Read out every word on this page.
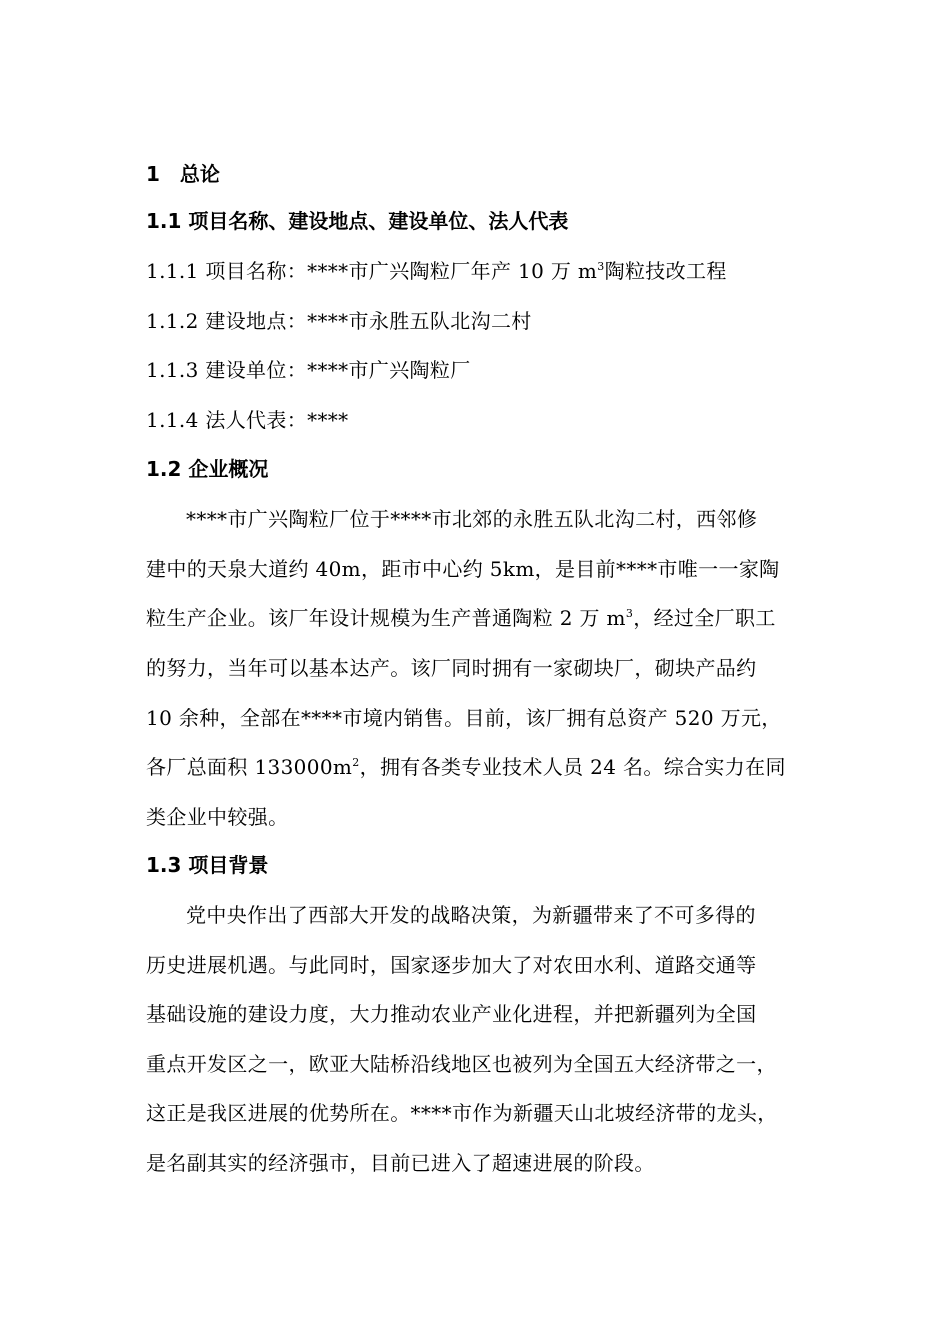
1　总论
1.1 项目名称、建设地点、建设单位、法人代表
1.1.1 项目名称：****市广兴陶粒厂年产 10 万 $m^3$陶粒技改工程
1.1.2 建设地点：****市永胜五队北沟二村
1.1.3 建设单位：****市广兴陶粒厂
1.1.4 法人代表：****
1.2 企业概况
****市广兴陶粒厂位于****市北郊的永胜五队北沟二村，西邻修
建中的天泉大道约 40m，距市中心约 5km，是目前****市唯一一家陶
粒生产企业。该厂年设计规模为生产普通陶粒 2 万 $m^3$，经过全厂职工
的努力，当年可以基本达产。该厂同时拥有一家砌块厂，砌块产品约
10 余种，全部在****市境内销售。目前，该厂拥有总资产 520 万元，
各厂总面积 $133000m^2$，拥有各类专业技术人员 24 名。综合实力在同
类企业中较强。
1.3 项目背景
党中央作出了西部大开发的战略决策，为新疆带来了不可多得的
历史进展机遇。与此同时，国家逐步加大了对农田水利、道路交通等
基础设施的建设力度，大力推动农业产业化进程，并把新疆列为全国
重点开发区之一，欧亚大陆桥沿线地区也被列为全国五大经济带之一，
这正是我区进展的优势所在。****市作为新疆天山北坡经济带的龙头，
是名副其实的经济强市，目前已进入了超速进展的阶段。
